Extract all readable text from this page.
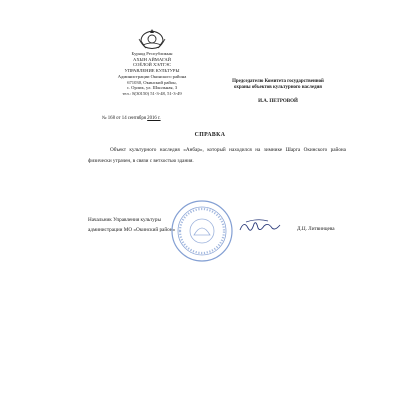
Буряад Республикын
АХЫН АЙМАГАЙ
СОЁЛОЙ ХЭЛТЭС
УПРАВЛЕНИЕ КУЛЬТУРЫ
Администрации Окинского района
671030, Окинский район,
с. Орлик, ул. Школьная, 3
тел.: 8(30150) 51-3-48, 51-3-49
№ 168 от 14 сентября 2016 г.
Председателю Комитета государственной
охраны объектов культурного наследия
И.А. ПЕТРОВОЙ
СПРАВКА
Объект культурного наследия «Анбар», который находился на зимнике Шарга Окинского района физически утрачен, в связи с ветхостью здания.
Начальник Управления культуры
администрации МО «Окинский район»	Д.Ц. Литвинцева
